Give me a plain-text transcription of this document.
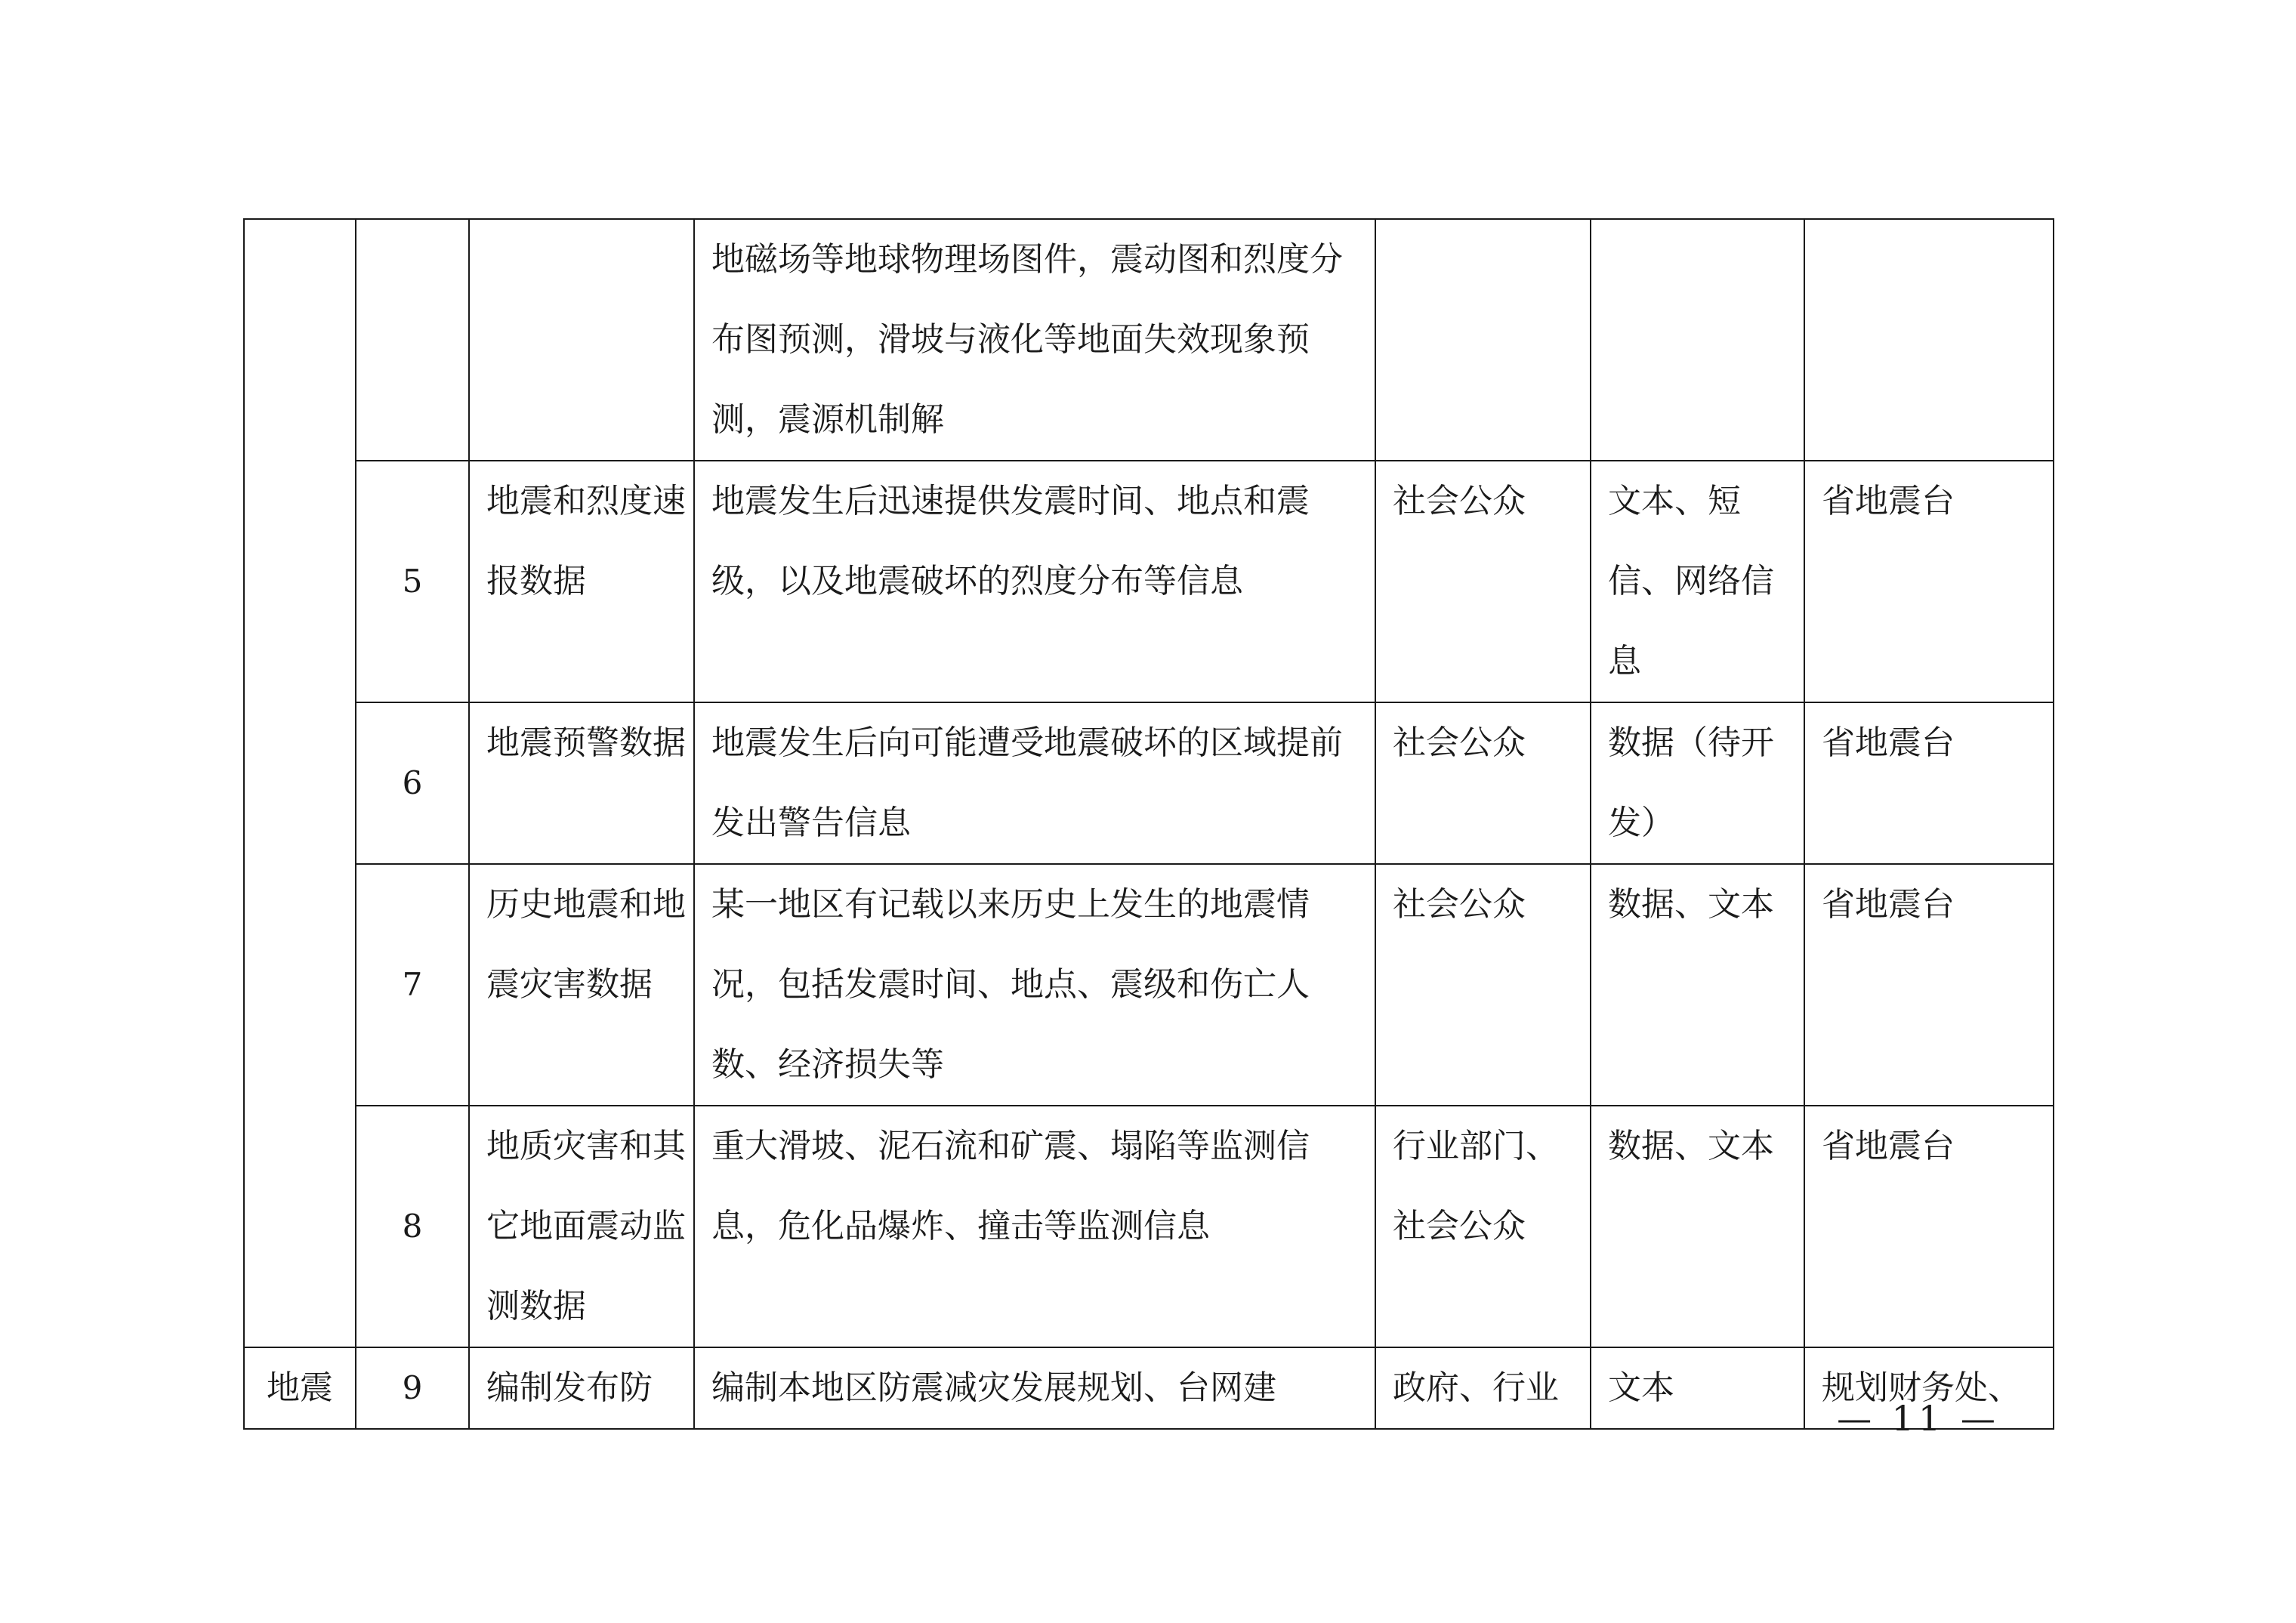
			地磁场等地球物理场图件，震动图和烈度分布图预测，滑坡与液化等地面失效现象预测，震源机制解			

	5	地震和烈度速报数据	地震发生后迅速提供发震时间、地点和震级，以及地震破坏的烈度分布等信息	社会公众	文本、短信、网络信息	省地震台

	6	地震预警数据	地震发生后向可能遭受地震破坏的区域提前发出警告信息	社会公众	数据（待开发）	省地震台

	7	历史地震和地震灾害数据	某一地区有记载以来历史上发生的地震情况，包括发震时间、地点、震级和伤亡人数、经济损失等	社会公众	数据、文本	省地震台

	8	地质灾害和其它地面震动监测数据	重大滑坡、泥石流和矿震、塌陷等监测信息，危化品爆炸、撞击等监测信息	行业部门、社会公众	数据、文本	省地震台

地震	9	编制发布防	编制本地区防震减灾发展规划、台网建	政府、行业	文本	规划财务处、
— 11 —
